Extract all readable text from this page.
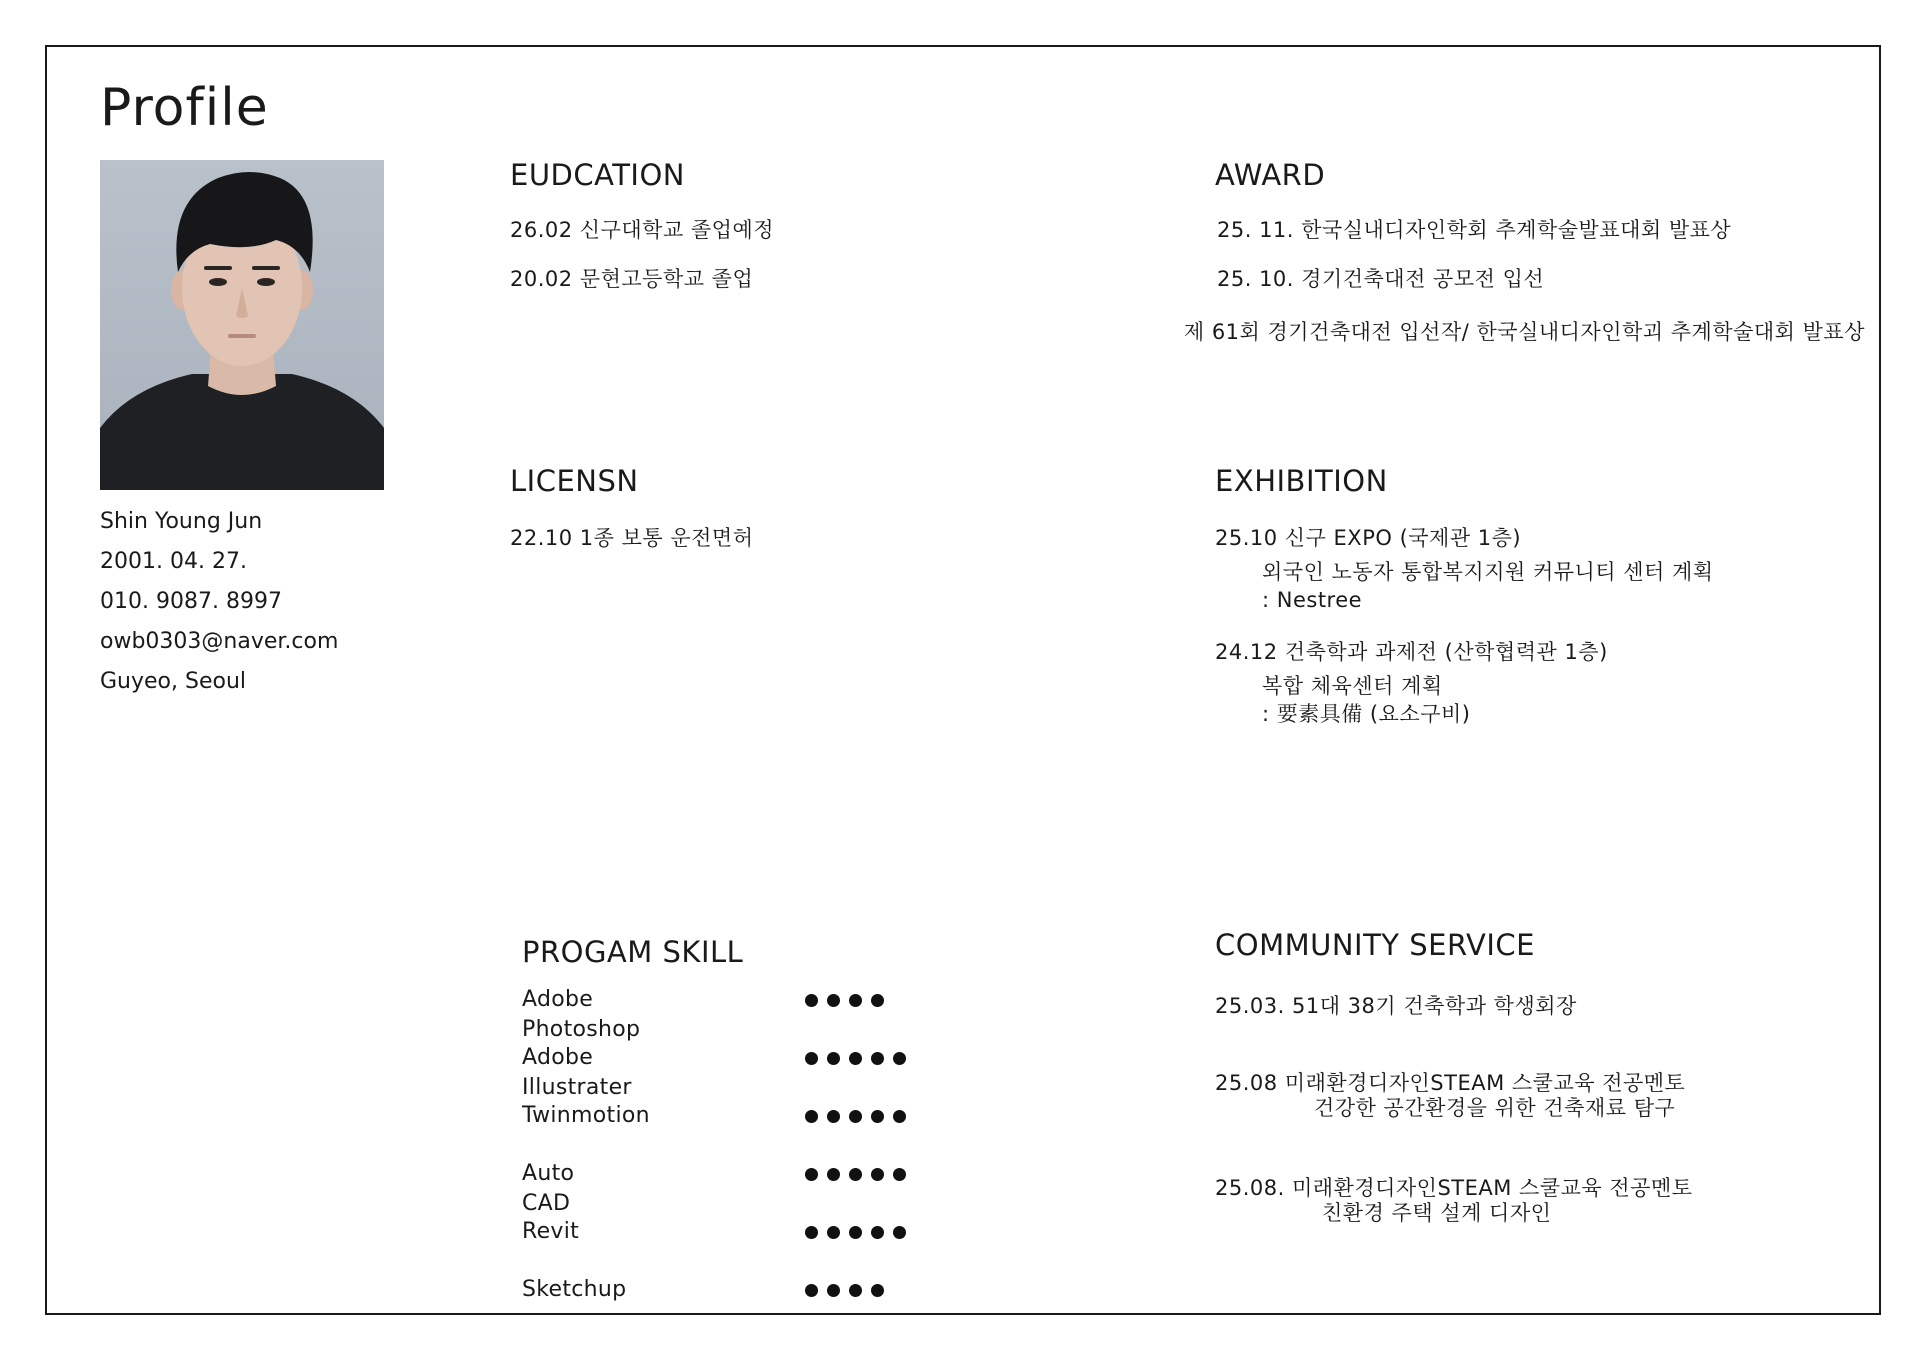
Profile
Shin Young Jun
2001. 04. 27.
010. 9087. 8997
owb0303@naver.com
Guyeo, Seoul
EUDCATION
26.02 신구대학교 졸업예정
20.02 문현고등학교 졸업
AWARD
25. 11. 한국실내디자인학회 추계학술발표대회 발표상
25. 10. 경기건축대전 공모전 입선
제 61회 경기건축대전 입선작/ 한국실내디자인학괴 추계학술대회 발표상
LICENSN
22.10 1종 보통 운전면허
EXHIBITION
25.10 신구 EXPO (국제관 1층)
외국인 노동자 통합복지지원 커뮤니티 센터 계획
: Nestree
24.12 건축학과 과제전 (산학협력관 1층)
복합 체육센터 계획
: 要素具備 (요소구비)
PROGAM SKILL
Adobe Photoshop
Adobe Illustrater
Twinmotion
Auto CAD
Revit
Sketchup
COMMUNITY SERVICE
25.03. 51대 38기 건축학과 학생회장
25.08 미래환경디자인STEAM 스쿨교육 전공멘토
건강한 공간환경을 위한 건축재료 탐구
25.08. 미래환경디자인STEAM 스쿨교육 전공멘토
친환경 주택 설계 디자인
